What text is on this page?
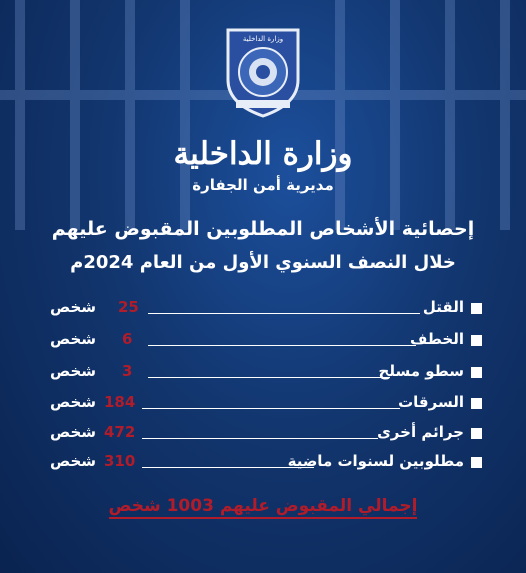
وزارة الداخلية
وزارة الداخلية
مديرية أمن الجفارة
إحصائية الأشخاص المطلوبين المقبوض عليهم
خلال النصف السنوي الأول من العام 2024م
شخص 25	القتل
شخص 6	الخطف
شخص 3	سطو مسلح
شخص 184	السرقات
شخص 472	جرائم أخرى
شخص 310	مطلوبين لسنوات ماضية
إجمالي المقبوض عليهم 1003 شخص
